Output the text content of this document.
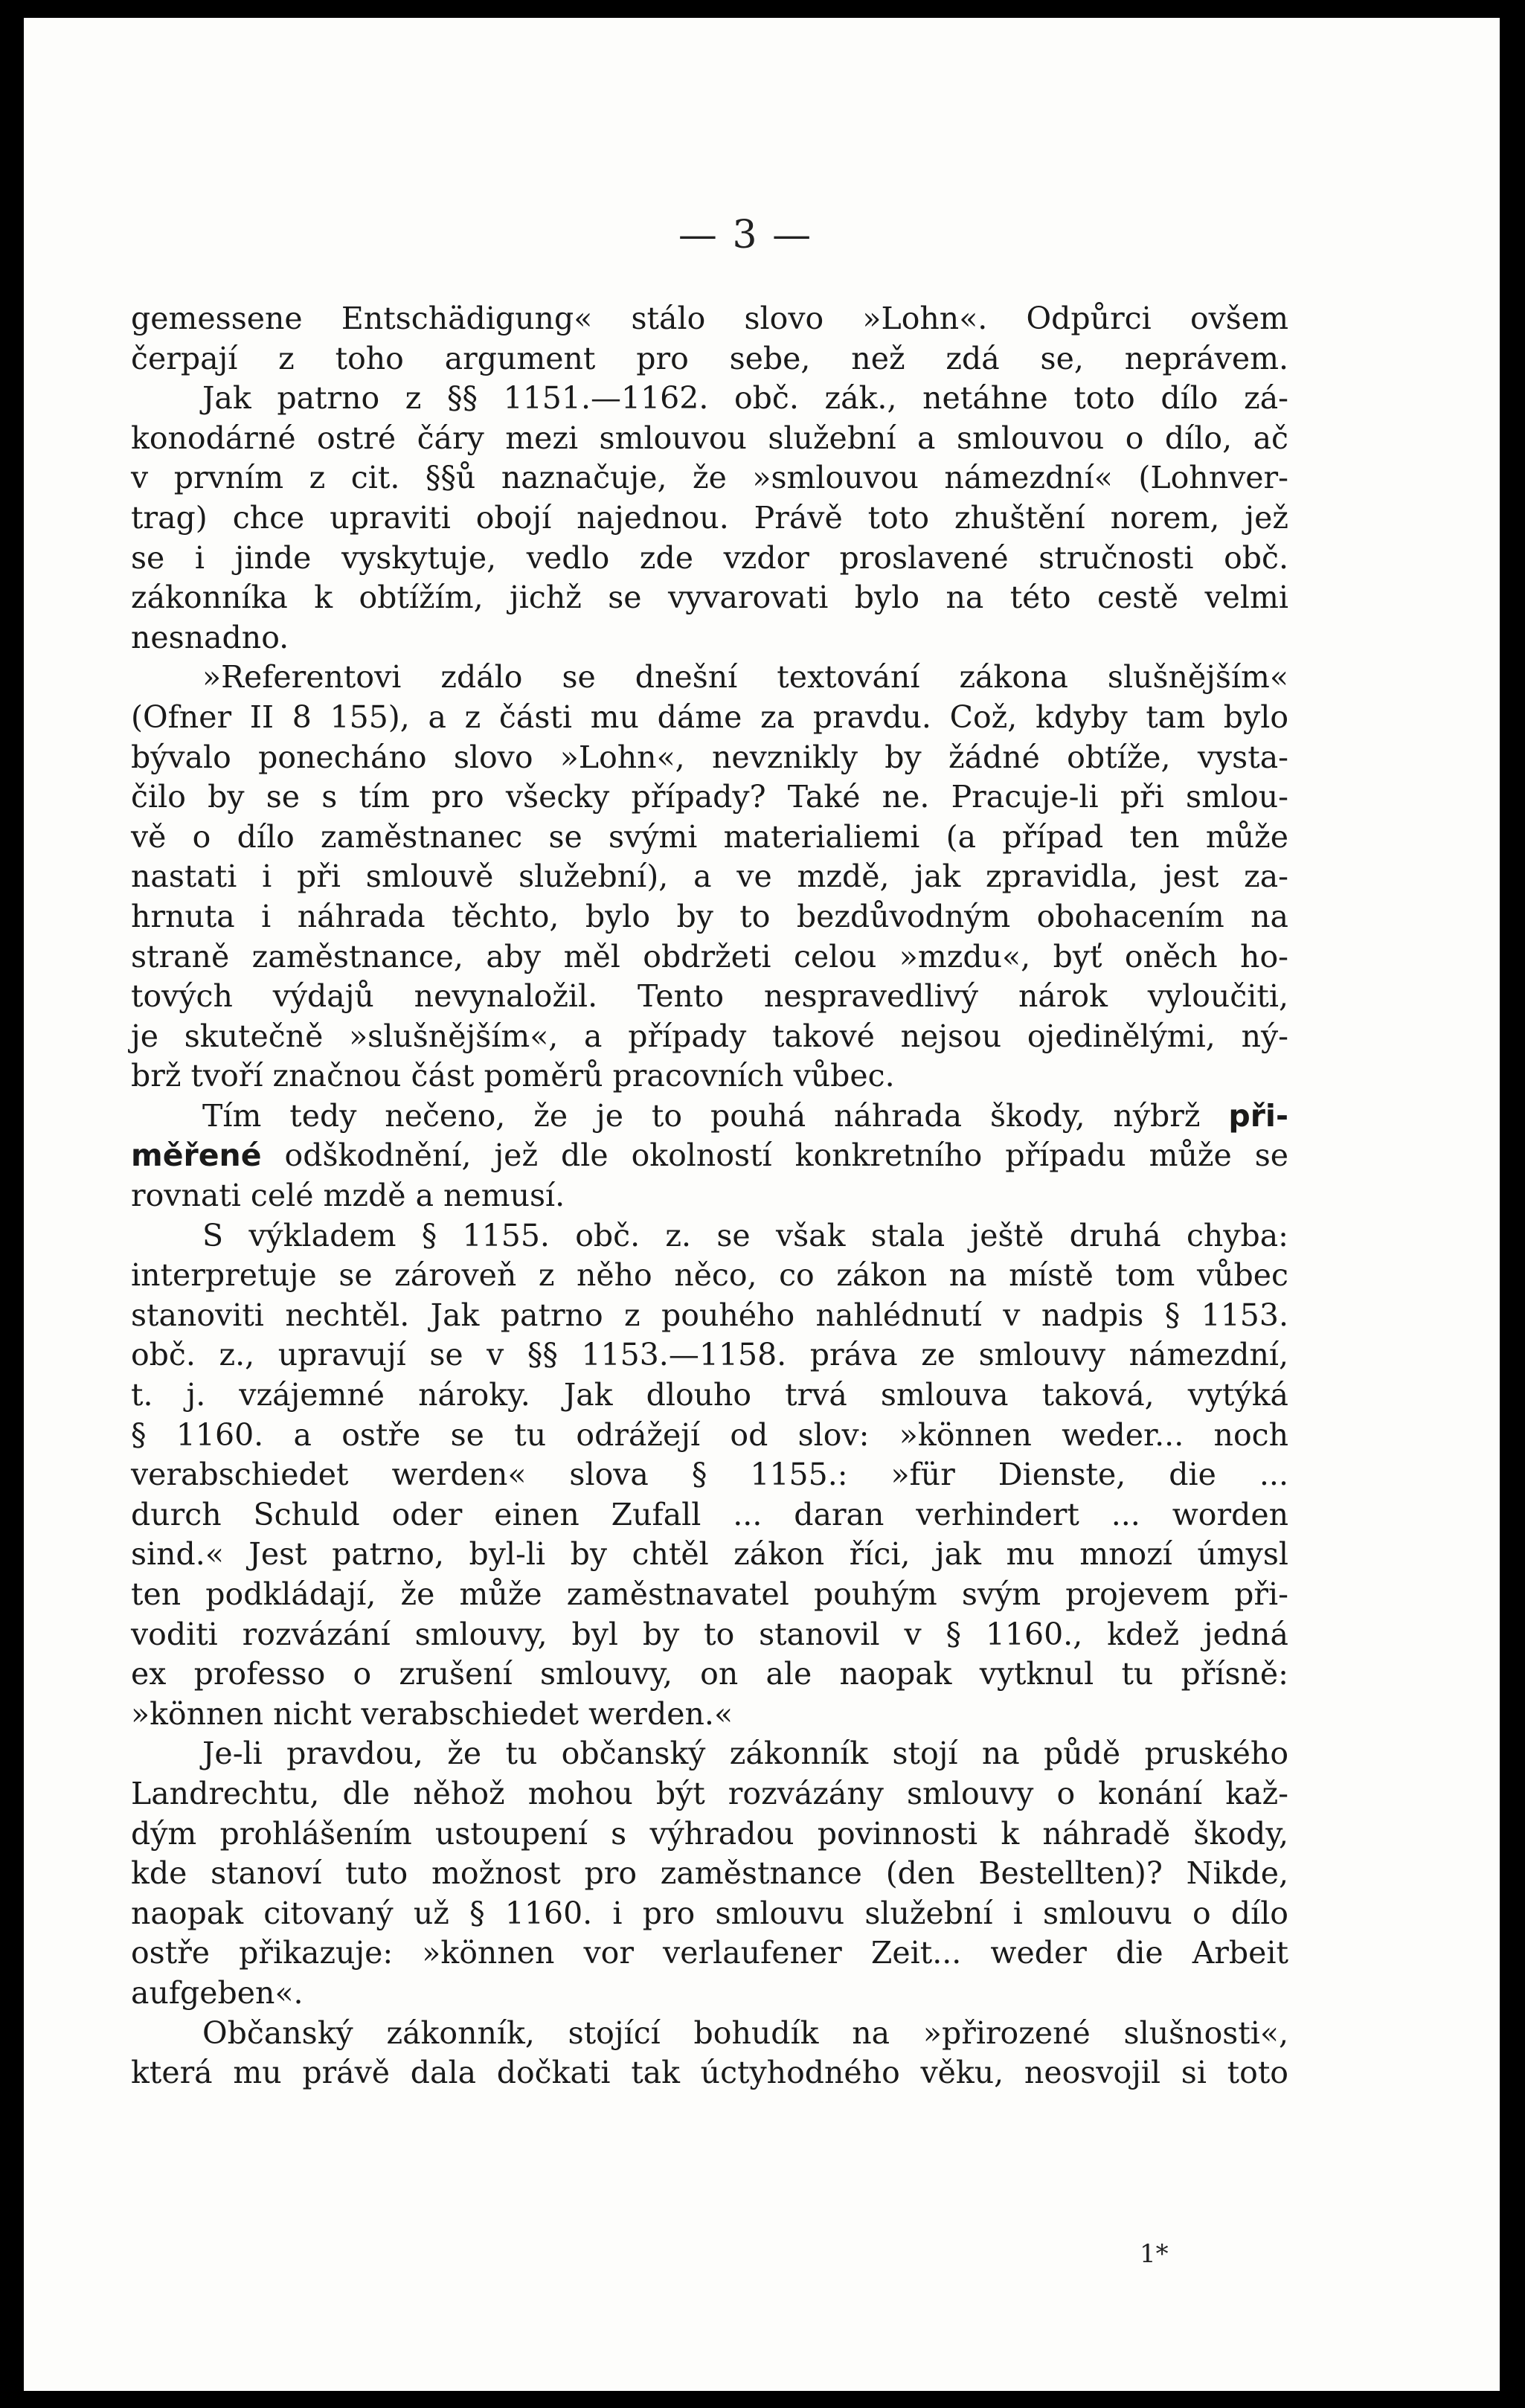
— 3 —

gemessene Entschädigung« stálo slovo »Lohn«. Odpůrci ovšem
čerpají z toho argument pro sebe, než zdá se, neprávem.
Jak patrno z §§ 1151.—1162. obč. zák., netáhne toto dílo zá-
konodárné ostré čáry mezi smlouvou služební a smlouvou o dílo, ač
v prvním z cit. §§ů naznačuje, že »smlouvou námezdní« (Lohnver-
trag) chce upraviti obojí najednou. Právě toto zhuštění norem, jež
se i jinde vyskytuje, vedlo zde vzdor proslavené stručnosti obč.
zákonníka k obtížím, jichž se vyvarovati bylo na této cestě velmi
nesnadno.

»Referentovi zdálo se dnešní textování zákona slušnějším«
(Ofner II 8 155), a z části mu dáme za pravdu. Což, kdyby tam bylo
bývalo ponecháno slovo »Lohn«, nevznikly by žádné obtíže, vysta-
čilo by se s tím pro všecky případy? Také ne. Pracuje-li při smlou-
vě o dílo zaměstnanec se svými materialiemi (a případ ten může
nastati i při smlouvě služební), a ve mzdě, jak zpravidla, jest za-
hrnuta i náhrada těchto, bylo by to bezdůvodným obohacením na
straně zaměstnance, aby měl obdržeti celou »mzdu«, byť oněch ho-
tových výdajů nevynaložil. Tento nespravedlivý nárok vyloučiti,
je skutečně »slušnějším«, a případy takové nejsou ojedinělými, ný-
brž tvoří značnou část poměrů pracovních vůbec.

Tím tedy nečeno, že je to pouhá náhrada škody, nýbrž při-
měřené odškodnění, jež dle okolností konkretního případu může se
rovnati celé mzdě a nemusí.

S výkladem § 1155. obč. z. se však stala ještě druhá chyba:
interpretuje se zároveň z něho něco, co zákon na místě tom vůbec
stanoviti nechtěl. Jak patrno z pouhého nahlédnutí v nadpis § 1153.
obč. z., upravují se v §§ 1153.—1158. práva ze smlouvy námezdní,
t. j. vzájemné nároky. Jak dlouho trvá smlouva taková, vytýká
§ 1160. a ostře se tu odrážejí od slov: »können weder... noch
verabschiedet werden« slova § 1155.: »für Dienste, die ...
durch Schuld oder einen Zufall ... daran verhindert ... worden
sind.« Jest patrno, byl-li by chtěl zákon říci, jak mu mnozí úmysl
ten podkládají, že může zaměstnavatel pouhým svým projevem při-
voditi rozvázání smlouvy, byl by to stanovil v § 1160., kdež jedná
ex professo o zrušení smlouvy, on ale naopak vytknul tu přísně:
»können nicht verabschiedet werden.«

Je-li pravdou, že tu občanský zákonník stojí na půdě pruského
Landrechtu, dle něhož mohou být rozvázány smlouvy o konání kaž-
dým prohlášením ustoupení s výhradou povinnosti k náhradě škody,
kde stanoví tuto možnost pro zaměstnance (den Bestellten)? Nikde,
naopak citovaný už § 1160. i pro smlouvu služební i smlouvu o dílo
ostře přikazuje: »können vor verlaufener Zeit... weder die Arbeit
aufgeben«.

Občanský zákonník, stojící bohudík na »přirozené slušnosti«,
která mu právě dala dočkati tak úctyhodného věku, neosvojil si toto

1*
